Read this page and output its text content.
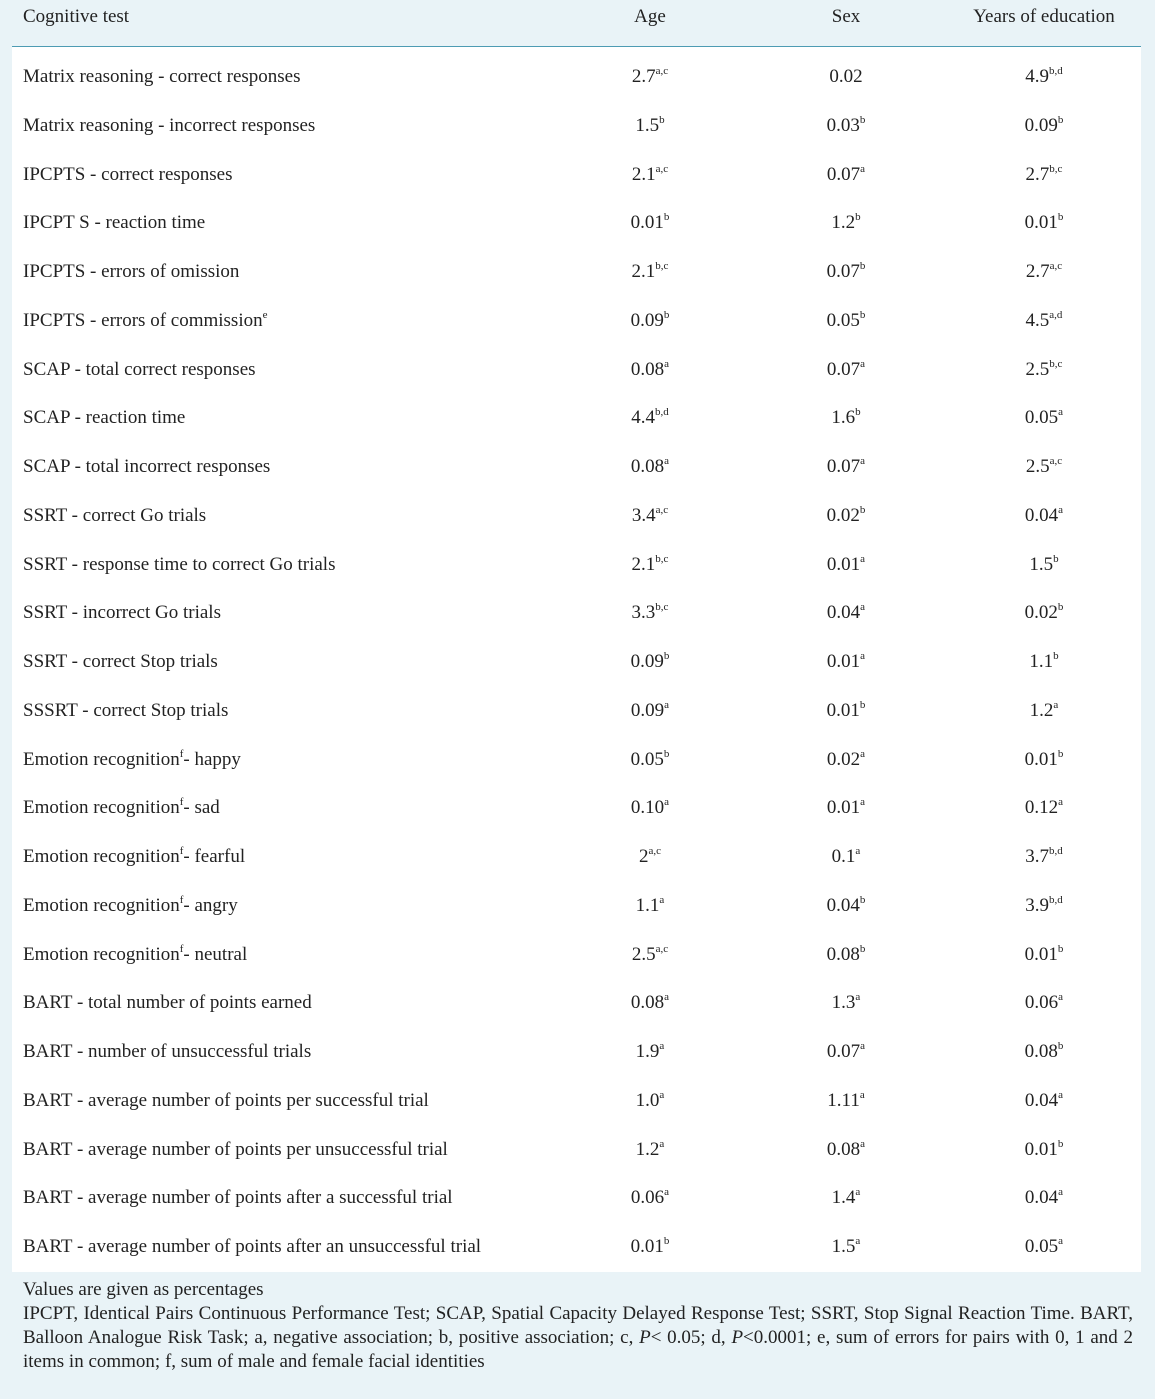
Cognitive test	Age	Sex	Years of education
Matrix reasoning - correct responses	2.7$^{a,c}$	0.02	4.9$^{b,d}$
Matrix reasoning - incorrect responses	1.5$^b$	0.03$^b$	0.09$^b$
IPCPTS - correct responses	2.1$^{a,c}$	0.07$^a$	2.7$^{b,c}$
IPCPT S - reaction time	0.01$^b$	1.2$^b$	0.01$^b$
IPCPTS - errors of omission	2.1$^{b,c}$	0.07$^b$	2.7$^{a,c}$
IPCPTS - errors of commission$^e$	0.09$^b$	0.05$^b$	4.5$^{a,d}$
SCAP - total correct responses	0.08$^a$	0.07$^a$	2.5$^{b,c}$
SCAP - reaction time	4.4$^{b,d}$	1.6$^b$	0.05$^a$
SCAP - total incorrect responses	0.08$^a$	0.07$^a$	2.5$^{a,c}$
SSRT - correct Go trials	3.4$^{a,c}$	0.02$^b$	0.04$^a$
SSRT - response time to correct Go trials	2.1$^{b,c}$	0.01$^a$	1.5$^b$
SSRT - incorrect Go trials	3.3$^{b,c}$	0.04$^a$	0.02$^b$
SSRT - correct Stop trials	0.09$^b$	0.01$^a$	1.1$^b$
SSSRT - correct Stop trials	0.09$^a$	0.01$^b$	1.2$^a$
Emotion recognition$^f$- happy	0.05$^b$	0.02$^a$	0.01$^b$
Emotion recognition$^f$- sad	0.10$^a$	0.01$^a$	0.12$^a$
Emotion recognition$^f$- fearful	2$^{a,c}$	0.1$^a$	3.7$^{b,d}$
Emotion recognition$^f$- angry	1.1$^a$	0.04$^b$	3.9$^{b,d}$
Emotion recognition$^f$- neutral	2.5$^{a,c}$	0.08$^b$	0.01$^b$
BART - total number of points earned	0.08$^a$	1.3$^a$	0.06$^a$
BART - number of unsuccessful trials	1.9$^a$	0.07$^a$	0.08$^b$
BART - average number of points per successful trial	1.0$^a$	1.11$^a$	0.04$^a$
BART - average number of points per unsuccessful trial	1.2$^a$	0.08$^a$	0.01$^b$
BART - average number of points after a successful trial	0.06$^a$	1.4$^a$	0.04$^a$
BART - average number of points after an unsuccessful trial	0.01$^b$	1.5$^a$	0.05$^a$
Values are given as percentages
IPCPT, Identical Pairs Continuous Performance Test; SCAP, Spatial Capacity Delayed Response Test; SSRT, Stop Signal Reaction Time. BART, Balloon Analogue Risk Task; a, negative association; b, positive association; c, P< 0.05; d, P<0.0001; e, sum of errors for pairs with 0, 1 and 2 items in common; f, sum of male and female facial identities
